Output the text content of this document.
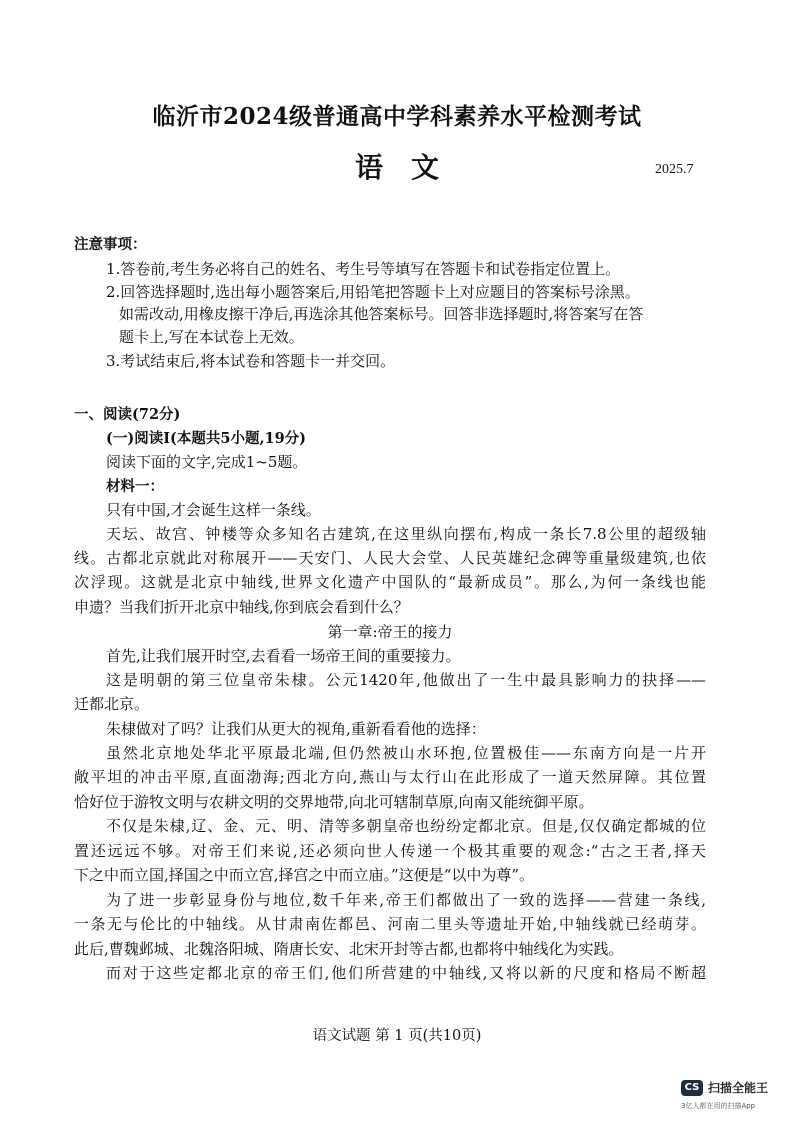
临沂市2024级普通高中学科素养水平检测考试
语文	2025.7
注意事项：
1.答卷前,考生务必将自己的姓名、考生号等填写在答题卡和试卷指定位置上。
2.回答选择题时,选出每小题答案后,用铅笔把答题卡上对应题目的答案标号涂黑。
如需改动,用橡皮擦干净后,再选涂其他答案标号。回答非选择题时,将答案写在答
题卡上,写在本试卷上无效。
3.考试结束后,将本试卷和答题卡一并交回。
一、阅读(72分)
(一)阅读Ⅰ(本题共5小题,19分)
阅读下面的文字,完成1~5题。
材料一：
只有中国,才会诞生这样一条线。
天坛、故宫、钟楼等众多知名古建筑,在这里纵向摆布,构成一条长7.8公里的超级轴
线。古都北京就此对称展开——天安门、人民大会堂、人民英雄纪念碑等重量级建筑,也依
次浮现。这就是北京中轴线,世界文化遗产中国队的“最新成员”。那么,为何一条线也能
申遗？当我们折开北京中轴线,你到底会看到什么？
第一章:帝王的接力
首先,让我们展开时空,去看看一场帝王间的重要接力。
这是明朝的第三位皇帝朱棣。公元1420年,他做出了一生中最具影响力的抉择——
迁都北京。
朱棣做对了吗？让我们从更大的视角,重新看看他的选择：
虽然北京地处华北平原最北端,但仍然被山水环抱,位置极佳——东南方向是一片开
敞平坦的冲击平原,直面渤海;西北方向,燕山与太行山在此形成了一道天然屏障。其位置
恰好位于游牧文明与农耕文明的交界地带,向北可辖制草原,向南又能统御平原。
不仅是朱棣,辽、金、元、明、清等多朝皇帝也纷纷定都北京。但是,仅仅确定都城的位
置还远远不够。对帝王们来说,还必须向世人传递一个极其重要的观念:“古之王者,择天
下之中而立国,择国之中而立宫,择宫之中而立庙。”这便是“以中为尊”。
为了进一步彰显身份与地位,数千年来,帝王们都做出了一致的选择——营建一条线,
一条无与伦比的中轴线。从甘肃南佐都邑、河南二里头等遗址开始,中轴线就已经萌芽。
此后,曹魏邺城、北魏洛阳城、隋唐长安、北宋开封等古都,也都将中轴线化为实践。
而对于这些定都北京的帝王们,他们所营建的中轴线,又将以新的尺度和格局不断超
语文试题 第 1 页(共10页)
CS 扫描全能王
3亿人都在用的扫描App
